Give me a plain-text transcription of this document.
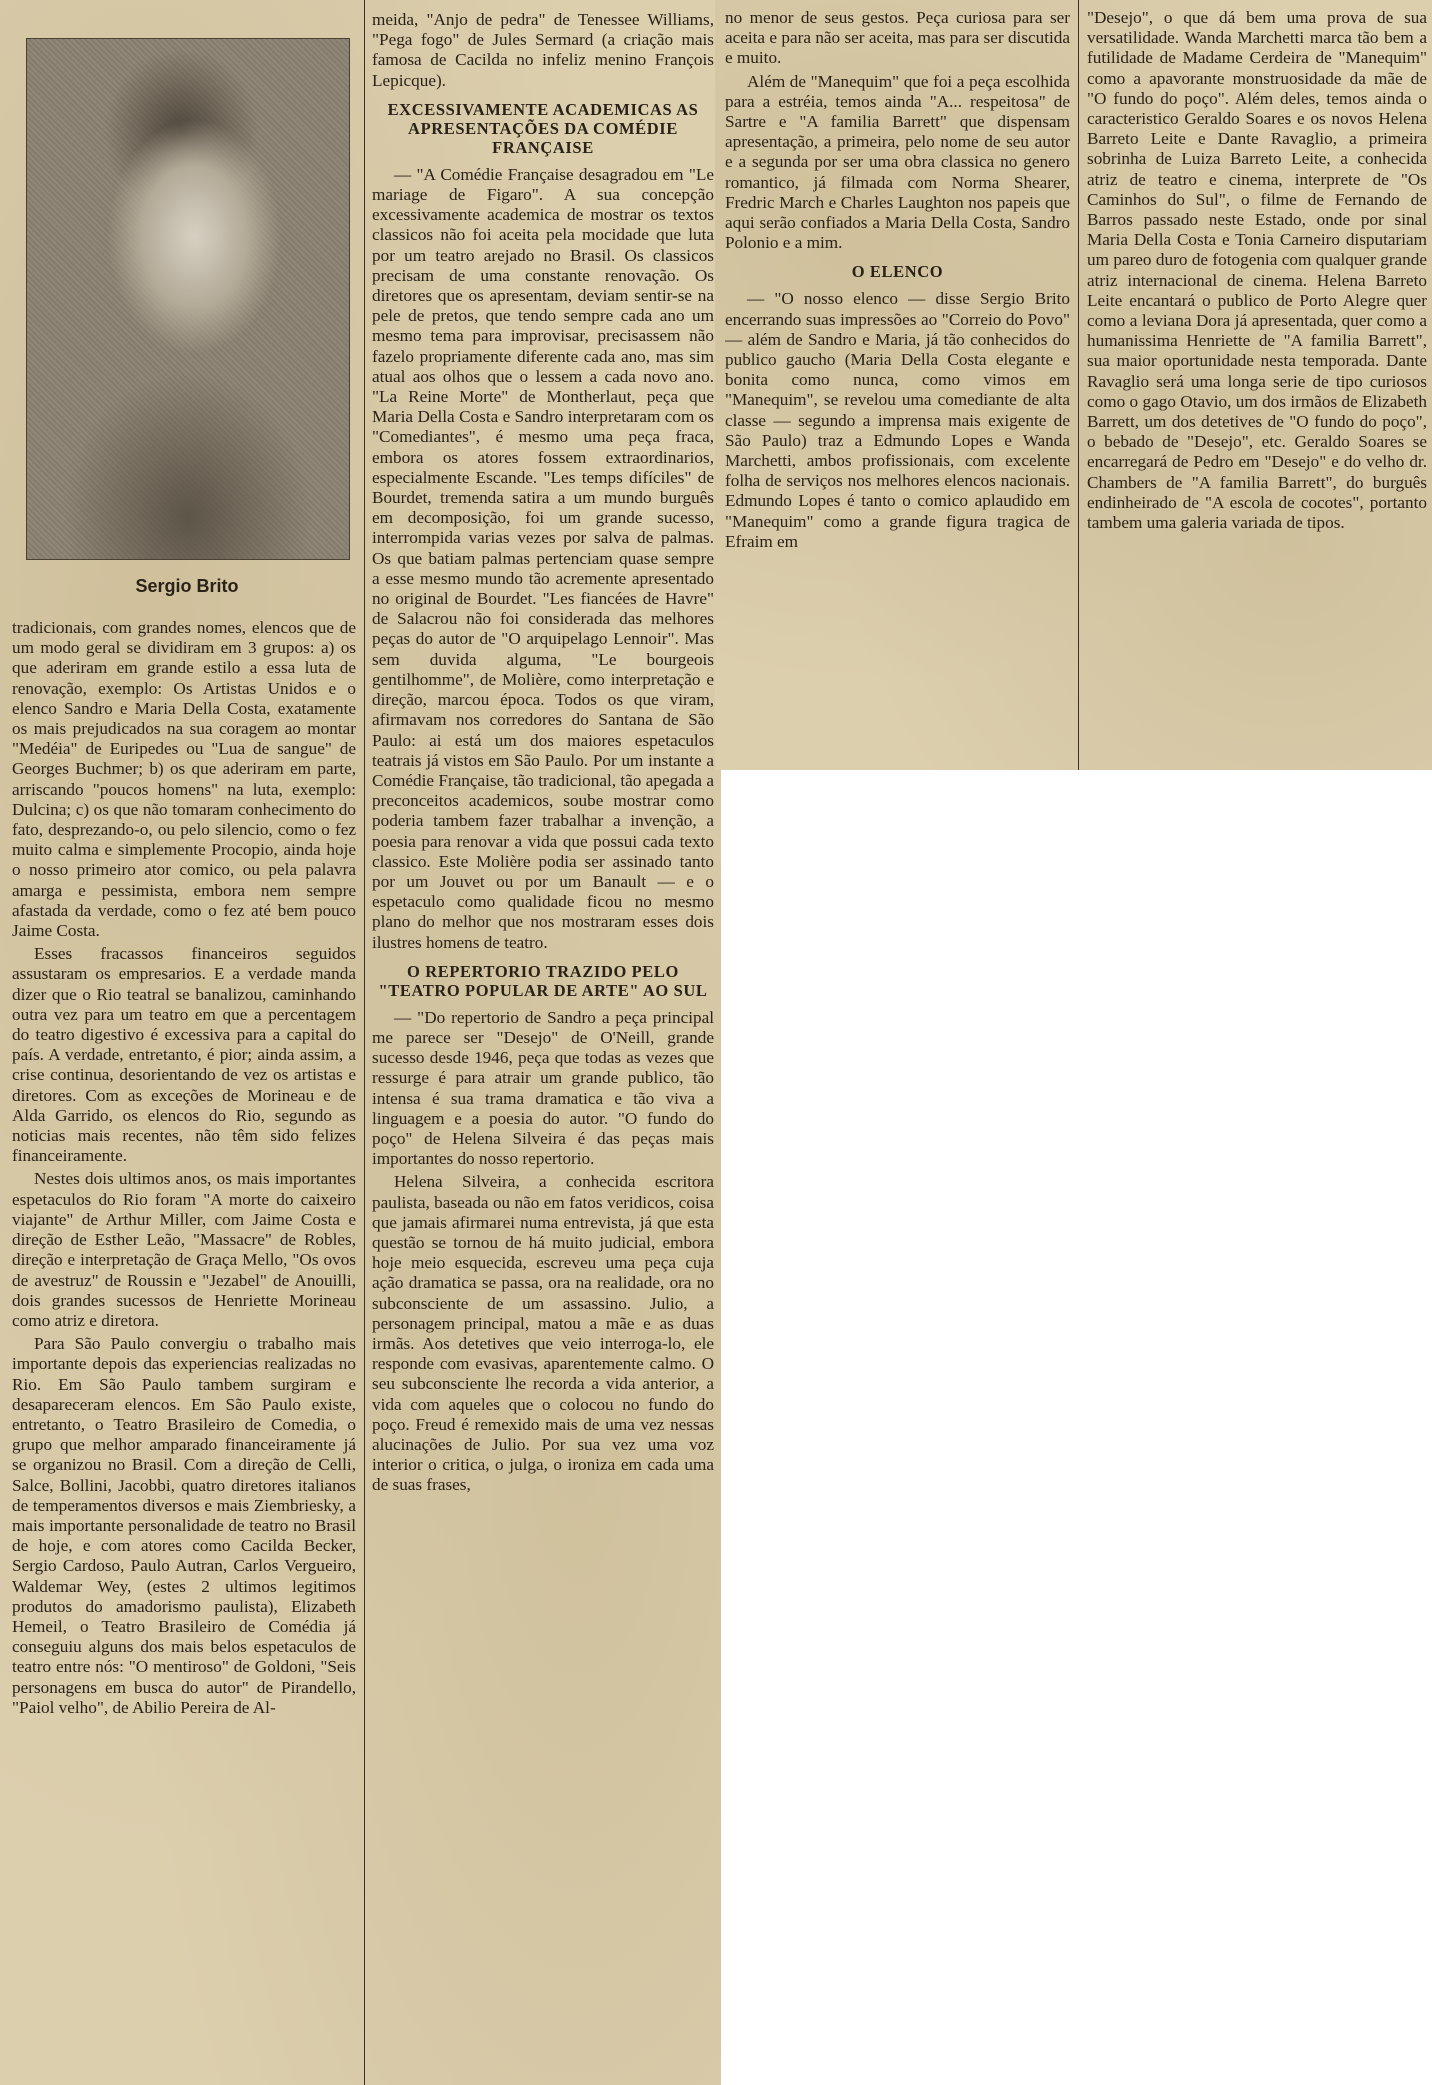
Sergio Brito

tradicionais, com grandes nomes, elencos que de um modo geral se dividiram em 3 grupos: a) os que aderiram em grande estilo a essa luta de renovação, exemplo: Os Artistas Unidos e o elenco Sandro e Maria Della Costa, exatamente os mais prejudicados na sua coragem ao montar "Medéia" de Euripedes ou "Lua de sangue" de Georges Buchmer; b) os que aderiram em parte, arriscando "poucos homens" na luta, exemplo: Dulcina; c) os que não tomaram conhecimento do fato, desprezando-o, ou pelo silencio, como o fez muito calma e simplemente Procopio, ainda hoje o nosso primeiro ator comico, ou pela palavra amarga e pessimista, embora nem sempre afastada da verdade, como o fez até bem pouco Jaime Costa.

Esses fracassos financeiros seguidos assustaram os empresarios. E a verdade manda dizer que o Rio teatral se banalizou, caminhando outra vez para um teatro em que a percentagem do teatro digestivo é excessiva para a capital do país. A verdade, entretanto, é pior; ainda assim, a crise continua, desorientando de vez os artistas e diretores. Com as exceções de Morineau e de Alda Garrido, os elencos do Rio, segundo as noticias mais recentes, não têm sido felizes financeiramente.

Nestes dois ultimos anos, os mais importantes espetaculos do Rio foram "A morte do caixeiro viajante" de Arthur Miller, com Jaime Costa e direção de Esther Leão, "Massacre" de Robles, direção e interpretação de Graça Mello, "Os ovos de avestruz" de Roussin e "Jezabel" de Anouilli, dois grandes sucessos de Henriette Morineau como atriz e diretora.

Para São Paulo convergiu o trabalho mais importante depois das experiencias realizadas no Rio. Em São Paulo tambem surgiram e desapareceram elencos. Em São Paulo existe, entretanto, o Teatro Brasileiro de Comedia, o grupo que melhor amparado financeiramente já se organizou no Brasil. Com a direção de Celli, Salce, Bollini, Jacobbi, quatro diretores italianos de temperamentos diversos e mais Ziembriesky, a mais importante personalidade de teatro no Brasil de hoje, e com atores como Cacilda Becker, Sergio Cardoso, Paulo Autran, Carlos Vergueiro, Waldemar Wey, (estes 2 ultimos legitimos produtos do amadorismo paulista), Elizabeth Hemeil, o Teatro Brasileiro de Comédia já conseguiu alguns dos mais belos espetaculos de teatro entre nós: "O mentiroso" de Goldoni, "Seis personagens em busca do autor" de Pirandello, "Paiol velho", de Abilio Pereira de Al-

meida, "Anjo de pedra" de Tenessee Williams, "Pega fogo" de Jules Sermard (a criação mais famosa de Cacilda no infeliz menino François Lepicque).

EXCESSIVAMENTE ACADEMICAS AS APRESENTAÇÕES DA COMÉDIE FRANÇAISE

— "A Comédie Française desagradou em "Le mariage de Figaro". A sua concepção excessivamente academica de mostrar os textos classicos não foi aceita pela mocidade que luta por um teatro arejado no Brasil. Os classicos precisam de uma constante renovação. Os diretores que os apresentam, deviam sentir-se na pele de pretos, que tendo sempre cada ano um mesmo tema para improvisar, precisassem não fazelo propriamente diferente cada ano, mas sim atual aos olhos que o lessem a cada novo ano. "La Reine Morte" de Montherlaut, peça que Maria Della Costa e Sandro interpretaram com os "Comediantes", é mesmo uma peça fraca, embora os atores fossem extraordinarios, especialmente Escande. "Les temps difíciles" de Bourdet, tremenda satira a um mundo burguês em decomposição, foi um grande sucesso, interrompida varias vezes por salva de palmas. Os que batiam palmas pertenciam quase sempre a esse mesmo mundo tão acremente apresentado no original de Bourdet. "Les fiancées de Havre" de Salacrou não foi considerada das melhores peças do autor de "O arquipelago Lennoir". Mas sem duvida alguma, "Le bourgeois gentilhomme", de Molière, como interpretação e direção, marcou época. Todos os que viram, afirmavam nos corredores do Santana de São Paulo: ai está um dos maiores espetaculos teatrais já vistos em São Paulo. Por um instante a Comédie Française, tão tradicional, tão apegada a preconceitos academicos, soube mostrar como poderia tambem fazer trabalhar a invenção, a poesia para renovar a vida que possui cada texto classico. Este Molière podia ser assinado tanto por um Jouvet ou por um Banault — e o espetaculo como qualidade ficou no mesmo plano do melhor que nos mostraram esses dois ilustres homens de teatro.

O REPERTORIO TRAZIDO PELO "TEATRO POPULAR DE ARTE" AO SUL

— "Do repertorio de Sandro a peça principal me parece ser "Desejo" de O'Neill, grande sucesso desde 1946, peça que todas as vezes que ressurge é para atrair um grande publico, tão intensa é sua trama dramatica e tão viva a linguagem e a poesia do autor. "O fundo do poço" de Helena Silveira é das peças mais importantes do nosso repertorio.

Helena Silveira, a conhecida escritora paulista, baseada ou não em fatos veridicos, coisa que jamais afirmarei numa entrevista, já que esta questão se tornou de há muito judicial, embora hoje meio esquecida, escreveu uma peça cuja ação dramatica se passa, ora na realidade, ora no subconsciente de um assassino. Julio, a personagem principal, matou a mãe e as duas irmãs. Aos detetives que veio interroga-lo, ele responde com evasivas, aparentemente calmo. O seu subconsciente lhe recorda a vida anterior, a vida com aqueles que o colocou no fundo do poço. Freud é remexido mais de uma vez nessas alucinações de Julio. Por sua vez uma voz interior o critica, o julga, o ironiza em cada uma de suas frases,

no menor de seus gestos. Peça curiosa para ser aceita e para não ser aceita, mas para ser discutida e muito.

Além de "Manequim" que foi a peça escolhida para a estréia, temos ainda "A... respeitosa" de Sartre e "A familia Barrett" que dispensam apresentação, a primeira, pelo nome de seu autor e a segunda por ser uma obra classica no genero romantico, já filmada com Norma Shearer, Fredric March e Charles Laughton nos papeis que aqui serão confiados a Maria Della Costa, Sandro Polonio e a mim.

O ELENCO

— "O nosso elenco — disse Sergio Brito encerrando suas impressões ao "Correio do Povo" — além de Sandro e Maria, já tão conhecidos do publico gaucho (Maria Della Costa elegante e bonita como nunca, como vimos em "Manequim", se revelou uma comediante de alta classe — segundo a imprensa mais exigente de São Paulo) traz a Edmundo Lopes e Wanda Marchetti, ambos profissionais, com excelente folha de serviços nos melhores elencos nacionais. Edmundo Lopes é tanto o comico aplaudido em "Manequim" como a grande figura tragica de Efraim em

"Desejo", o que dá bem uma prova de sua versatilidade. Wanda Marchetti marca tão bem a futilidade de Madame Cerdeira de "Manequim" como a apavorante monstruosidade da mãe de "O fundo do poço". Além deles, temos ainda o caracteristico Geraldo Soares e os novos Helena Barreto Leite e Dante Ravaglio, a primeira sobrinha de Luiza Barreto Leite, a conhecida atriz de teatro e cinema, interprete de "Os Caminhos do Sul", o filme de Fernando de Barros passado neste Estado, onde por sinal Maria Della Costa e Tonia Carneiro disputariam um pareo duro de fotogenia com qualquer grande atriz internacional de cinema. Helena Barreto Leite encantará o publico de Porto Alegre quer como a leviana Dora já apresentada, quer como a humanissima Henriette de "A familia Barrett", sua maior oportunidade nesta temporada. Dante Ravaglio será uma longa serie de tipo curiosos como o gago Otavio, um dos irmãos de Elizabeth Barrett, um dos detetives de "O fundo do poço", o bebado de "Desejo", etc. Geraldo Soares se encarregará de Pedro em "Desejo" e do velho dr. Chambers de "A familia Barrett", do burguês endinheirado de "A escola de cocotes", portanto tambem uma galeria variada de tipos.
